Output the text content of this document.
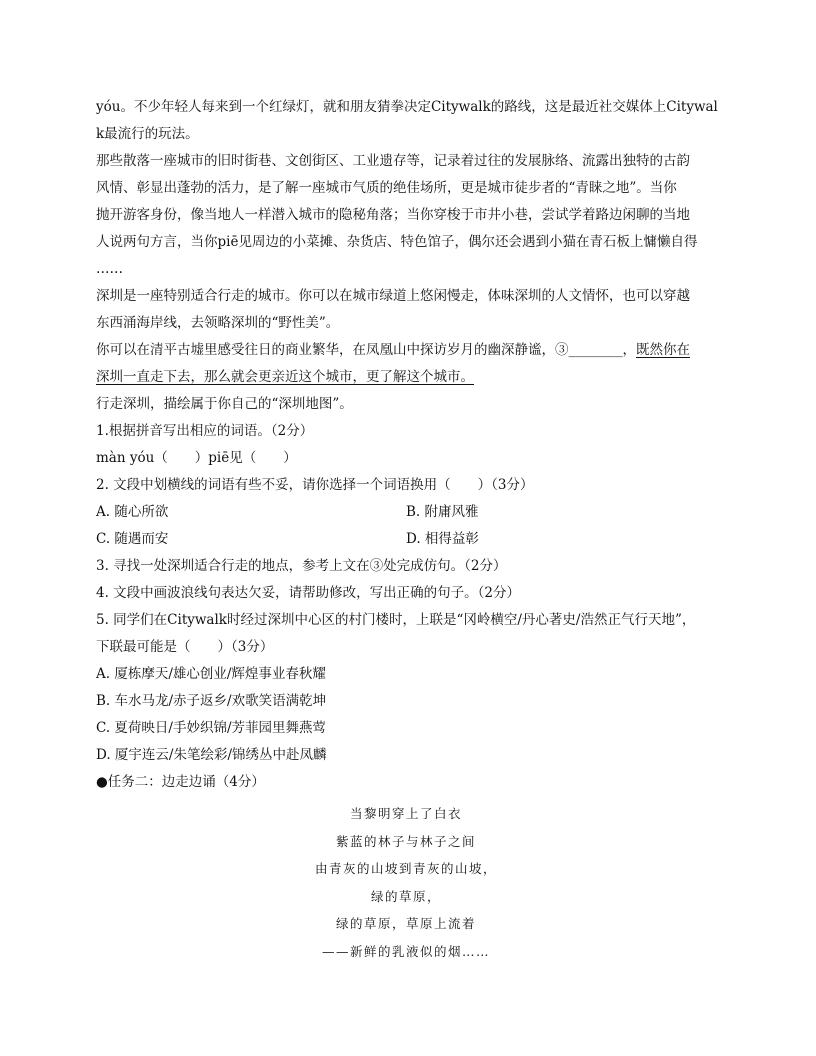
yóu。不少年轻人每来到一个红绿灯，就和朋友猜拳决定Citywalk的路线，这是最近社交媒体上Citywal
k最流行的玩法。
那些散落一座城市的旧时街巷、文创街区、工业遗存等，记录着过往的发展脉络、流露出独特的古韵
风情、彰显出蓬勃的活力，是了解一座城市气质的绝佳场所，更是城市徒步者的“青睐之地”。当你
抛开游客身份，像当地人一样潜入城市的隐秘角落；当你穿梭于市井小巷，尝试学着路边闲聊的当地
人说两句方言，当你piē见周边的小菜摊、杂货店、特色馆子，偶尔还会遇到小猫在青石板上慵懒自得
……
深圳是一座特别适合行走的城市。你可以在城市绿道上悠闲慢走，体味深圳的人文情怀，也可以穿越
东西涌海岸线，去领略深圳的“野性美”。
你可以在清平古墟里感受往日的商业繁华，在凤凰山中探访岁月的幽深静谧，③________，既然你在
深圳一直走下去，那么就会更亲近这个城市，更了解这个城市。
行走深圳，描绘属于你自己的“深圳地图”。
1.根据拼音写出相应的词语。（2分）
màn yóu（　　）piē见（　　）
2. 文段中划横线的词语有些不妥，请你选择一个词语换用（　　）（3分）
A. 随心所欲	B. 附庸风雅
C. 随遇而安	D. 相得益彰
3. 寻找一处深圳适合行走的地点，参考上文在③处完成仿句。（2分）
4. 文段中画波浪线句表达欠妥，请帮助修改，写出正确的句子。（2分）
5. 同学们在Citywalk时经过深圳中心区的村门楼时，上联是“冈岭横空/丹心著史/浩然正气行天地”，
下联最可能是（　　）（3分）
A. 厦栋摩天/雄心创业/辉煌事业春秋耀
B. 车水马龙/赤子返乡/欢歌笑语满乾坤
C. 夏荷映日/手妙织锦/芳菲园里舞燕莺
D. 厦宇连云/朱笔绘彩/锦绣丛中赴凤麟
●任务二：边走边诵（4分）
当黎明穿上了白衣
紫蓝的林子与林子之间
由青灰的山坡到青灰的山坡，
绿的草原，
绿的草原，草原上流着
——新鲜的乳液似的烟……
